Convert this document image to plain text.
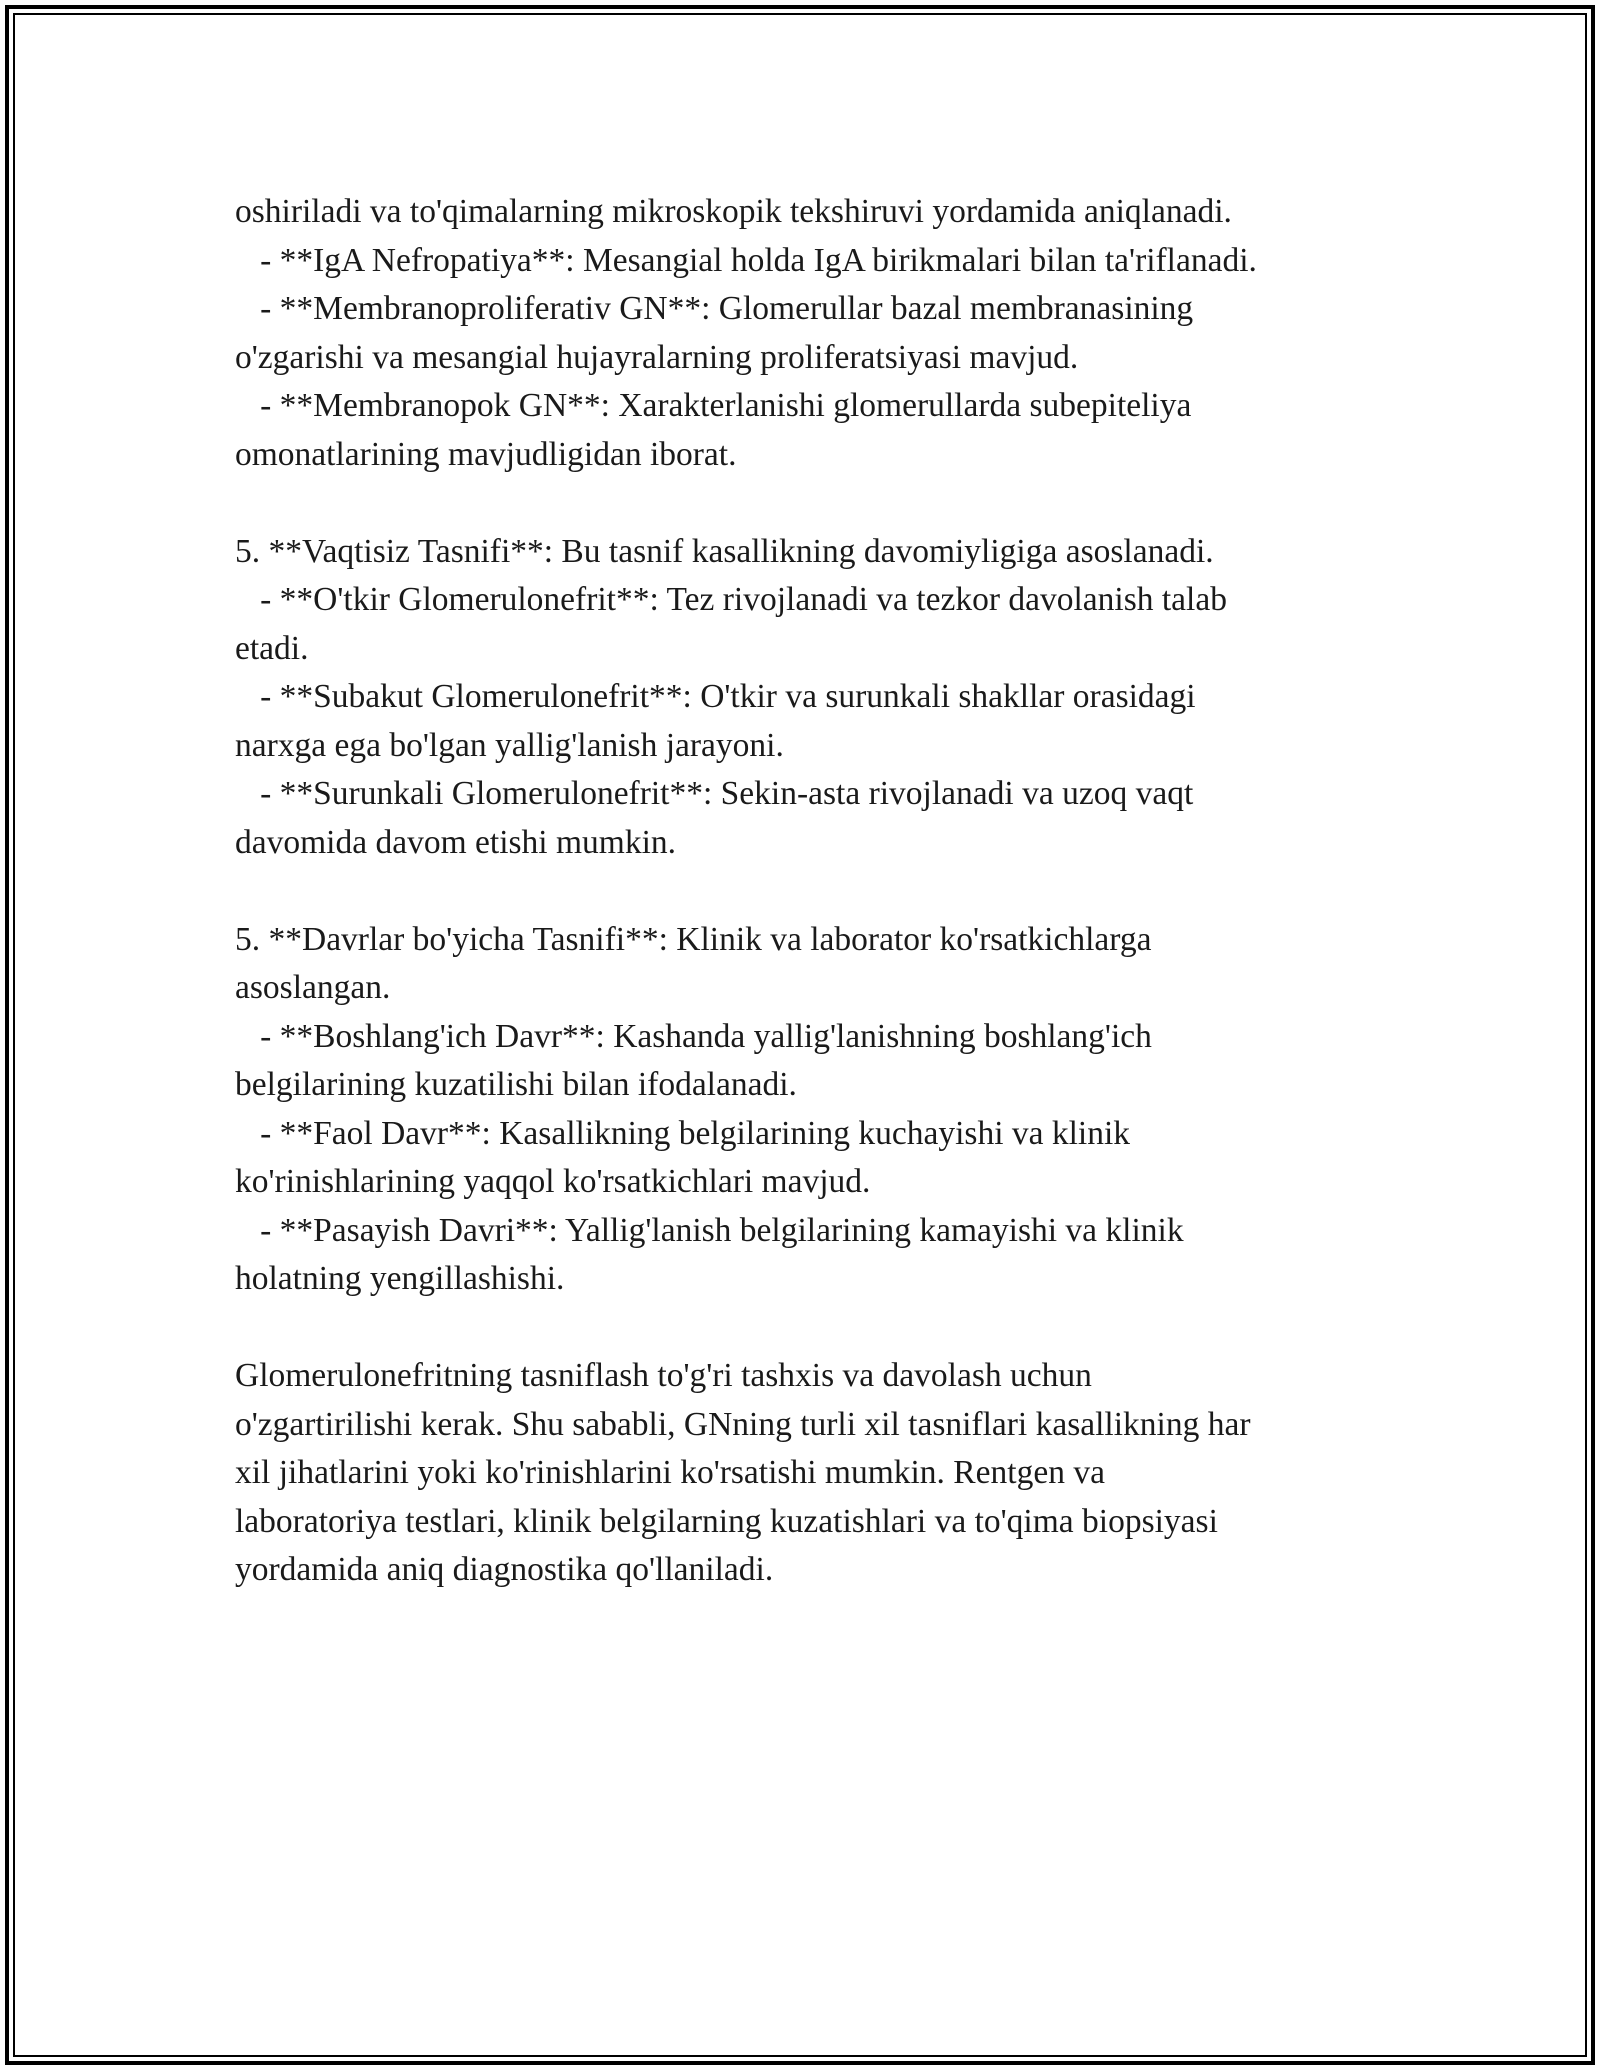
oshiriladi va to'qimalarning mikroskopik tekshiruvi yordamida aniqlanadi.
- **IgA Nefropatiya**: Mesangial holda IgA birikmalari bilan ta'riflanadi.
- **Membranoproliferativ GN**: Glomerullar bazal membranasining
o'zgarishi va mesangial hujayralarning proliferatsiyasi mavjud.
- **Membranopok GN**: Xarakterlanishi glomerullarda subepiteliya
omonatlarining mavjudligidan iborat.
5. **Vaqtisiz Tasnifi**: Bu tasnif kasallikning davomiyligiga asoslanadi.
- **O'tkir Glomerulonefrit**: Tez rivojlanadi va tezkor davolanish talab
etadi.
- **Subakut Glomerulonefrit**: O'tkir va surunkali shakllar orasidagi
narxga ega bo'lgan yallig'lanish jarayoni.
- **Surunkali Glomerulonefrit**: Sekin-asta rivojlanadi va uzoq vaqt
davomida davom etishi mumkin.
5. **Davrlar bo'yicha Tasnifi**: Klinik va laborator ko'rsatkichlarga
asoslangan.
- **Boshlang'ich Davr**: Kashanda yallig'lanishning boshlang'ich
belgilarining kuzatilishi bilan ifodalanadi.
- **Faol Davr**: Kasallikning belgilarining kuchayishi va klinik
ko'rinishlarining yaqqol ko'rsatkichlari mavjud.
- **Pasayish Davri**: Yallig'lanish belgilarining kamayishi va klinik
holatning yengillashishi.
Glomerulonefritning tasniflash to'g'ri tashxis va davolash uchun
o'zgartirilishi kerak. Shu sababli, GNning turli xil tasniflari kasallikning har
xil jihatlarini yoki ko'rinishlarini ko'rsatishi mumkin. Rentgen va
laboratoriya testlari, klinik belgilarning kuzatishlari va to'qima biopsiyasi
yordamida aniq diagnostika qo'llaniladi.
